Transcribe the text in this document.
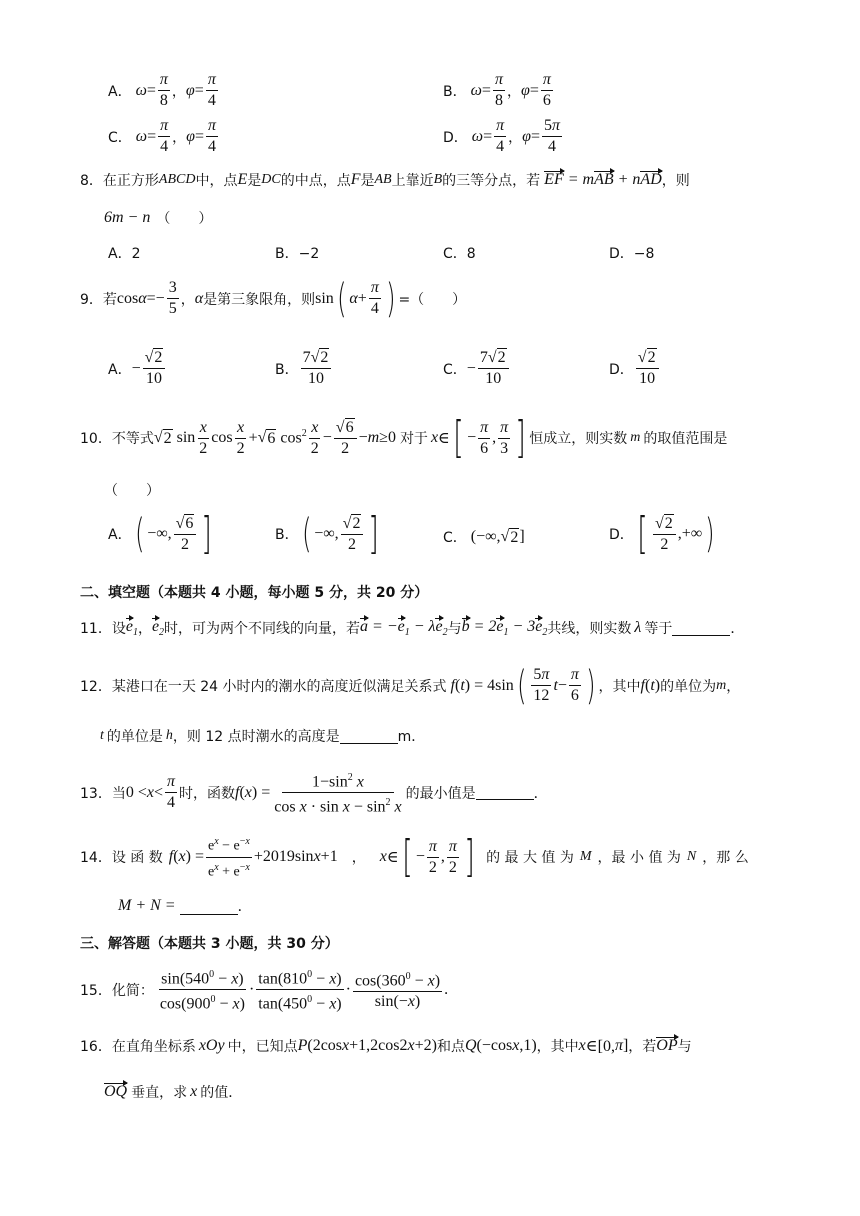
A． $\omega = \frac{\pi}{8}$ ， $\varphi = \frac{\pi}{4}$	B． $\omega = \frac{\pi}{8}$ ， $\varphi = \frac{\pi}{6}$
C． $\omega = \frac{\pi}{4}$ ， $\varphi = \frac{\pi}{4}$	D． $\omega = \frac{\pi}{4}$ ， $\varphi = \frac{5\pi}{4}$
8． 在正方形 ABCD 中，点 E 是 DC 的中点，点 F 是 AB 上靠近 B 的三等分点，若 EF = mAB + nAD ，则
6m − n （　　）
A．2	B．−2	C．8	D．−8
9． 若 $\cos \alpha =- \frac{3}{5}$ ， α 是第三象限角，则 sin ( $\alpha + \frac{\pi}{4}$ ) =（　　）
A． − $\frac{√ 2}{10}$	B． $\frac{7√ 2}{10}$	C． − $\frac{7√ 2}{10}$	D． $\frac{√ 2}{10}$
10． 不等式 √ 2 $\sin \frac{x}{2}$ $\cos \frac{x}{2}$ +√ 6 $\cos^2 \frac{x}{2} - \frac{√ 6}{2} - m \ge 0$ 对于 x ∈ [ − $\frac{\pi}{6}$ , $\frac{\pi}{3}$ ] 恒成立，则实数 m 的取值范围是
（　　）
A． ( −∞, $\frac{√ 6}{2}$ ]	B． ( −∞, $\frac{√ 2}{2}$ ]	C． (−∞,√ 2 ]	D． [ $\frac{√ 2}{2}$ ,+∞ )
二、填空题（本题共 4 小题，每小题 5 分，共 20 分）
11． 设 $e_1$ ， $e_2$ 时，可为两个不同线的向量，若 $a = -e_1 - \lambda e_2$ 与 $b = 2e_1 - 3e_2$ 共线，则实数 λ 等于	．
12． 某港口在一天 24 小时内的潮水的高度近似满足关系式 f ( t ) = 4sin ( $\frac{5\pi}{12}$ $t - \frac{\pi}{6}$ ) ，其中 f ( t ) 的单位为 m ，
t 的单位是 h ，则 12 点时潮水的高度是	m．
13． 当 $0 < x < \frac{\pi}{4}$ 时，函数 f ( x ) = $\frac{1-\sin^2 x}{\cos x \cdot \sin x - \sin^2 x}$ 的最小值是	．
14． 设 函 数 f ( x ) = $\frac{e^x - e^{-x}}{e^x + e^{-x}} +2019\sin$ x +1 ， x ∈ [ − $\frac{\pi}{2}$ , $\frac{\pi}{2}$ ] 的 最 大 值 为 M ，最 小 值 为 N ，那 么
M + N =	．
三、解答题（本题共 3 小题，共 30 分）
15． 化简： $\frac{\sin(540^0 - x)}{\cos(900^0 - x)} \cdot \frac{\tan(810^0 - x)}{\tan(450^0 - x)} \cdot \frac{\cos(360^0 - x)}{\sin(-x)}$ .
16． 在直角坐标系 xOy 中，已知点 P (2cos x +1,2cos2 x +2) 和点 Q (−cos x ,1) ，其中 x ∈[0, π ] ，若 OP 与
OQ 垂直，求 x 的值．
